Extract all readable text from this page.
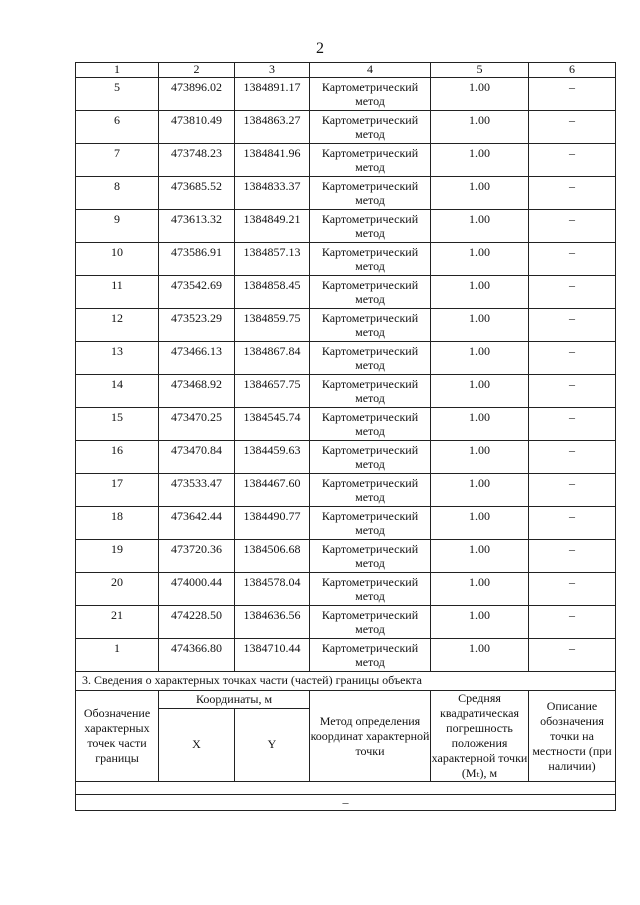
2
1	2	3	4	5	6
5	473896.02	1384891.17	Картометрический метод	1.00	–
6	473810.49	1384863.27	Картометрический метод	1.00	–
7	473748.23	1384841.96	Картометрический метод	1.00	–
8	473685.52	1384833.37	Картометрический метод	1.00	–
9	473613.32	1384849.21	Картометрический метод	1.00	–
10	473586.91	1384857.13	Картометрический метод	1.00	–
11	473542.69	1384858.45	Картометрический метод	1.00	–
12	473523.29	1384859.75	Картометрический метод	1.00	–
13	473466.13	1384867.84	Картометрический метод	1.00	–
14	473468.92	1384657.75	Картометрический метод	1.00	–
15	473470.25	1384545.74	Картометрический метод	1.00	–
16	473470.84	1384459.63	Картометрический метод	1.00	–
17	473533.47	1384467.60	Картометрический метод	1.00	–
18	473642.44	1384490.77	Картометрический метод	1.00	–
19	473720.36	1384506.68	Картометрический метод	1.00	–
20	474000.44	1384578.04	Картометрический метод	1.00	–
21	474228.50	1384636.56	Картометрический метод	1.00	–
1	474366.80	1384710.44	Картометрический метод	1.00	–
3. Сведения о характерных точках части (частей) границы объекта					
Обозначение характерных точек части границы	Координаты, м		Метод определения координат характерной точки	Средняя квадратическая погрешность положения характерной точки (Мₜ), м	Описание обозначения точки на местности (при наличии)
	X	Y			

–					
